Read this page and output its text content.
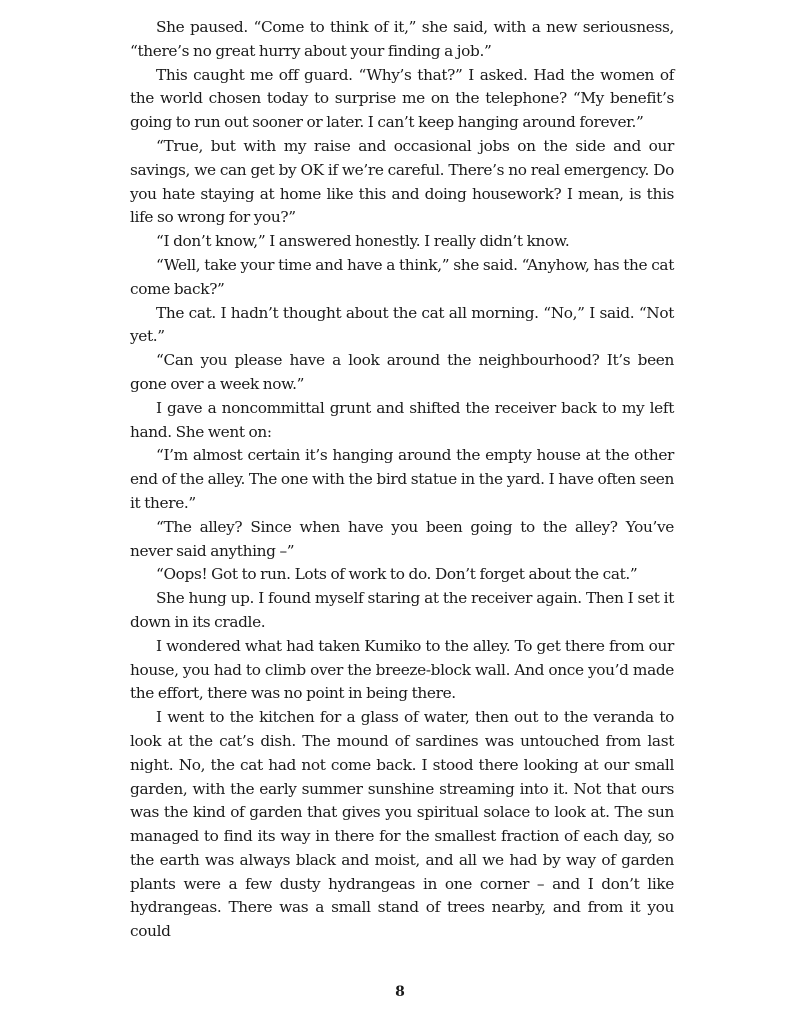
She paused. “Come to think of it,” she said, with a new seriousness, “there’s no great hurry about your finding a job.”

This caught me off guard. “Why’s that?” I asked. Had the women of the world chosen today to surprise me on the telephone? “My benefit’s going to run out sooner or later. I can’t keep hanging around forever.”

“True, but with my raise and occasional jobs on the side and our savings, we can get by OK if we’re careful. There’s no real emergency. Do you hate staying at home like this and doing housework? I mean, is this life so wrong for you?”

“I don’t know,” I answered honestly. I really didn’t know.

“Well, take your time and have a think,” she said. “Anyhow, has the cat come back?”

The cat. I hadn’t thought about the cat all morning. “No,” I said. “Not yet.”

“Can you please have a look around the neighbourhood? It’s been gone over a week now.”

I gave a noncommittal grunt and shifted the receiver back to my left hand. She went on:

“I’m almost certain it’s hanging around the empty house at the other end of the alley. The one with the bird statue in the yard. I have often seen it there.”

“The alley? Since when have you been going to the alley? You’ve never said anything –”

“Oops! Got to run. Lots of work to do. Don’t forget about the cat.”

She hung up. I found myself staring at the receiver again. Then I set it down in its cradle.

I wondered what had taken Kumiko to the alley. To get there from our house, you had to climb over the breeze-block wall. And once you’d made the effort, there was no point in being there.

I went to the kitchen for a glass of water, then out to the veranda to look at the cat’s dish. The mound of sardines was untouched from last night. No, the cat had not come back. I stood there looking at our small garden, with the early summer sunshine streaming into it. Not that ours was the kind of garden that gives you spiritual solace to look at. The sun managed to find its way in there for the smallest fraction of each day, so the earth was always black and moist, and all we had by way of garden plants were a few dusty hydrangeas in one corner – and I don’t like hydrangeas. There was a small stand of trees nearby, and from it you could

8
